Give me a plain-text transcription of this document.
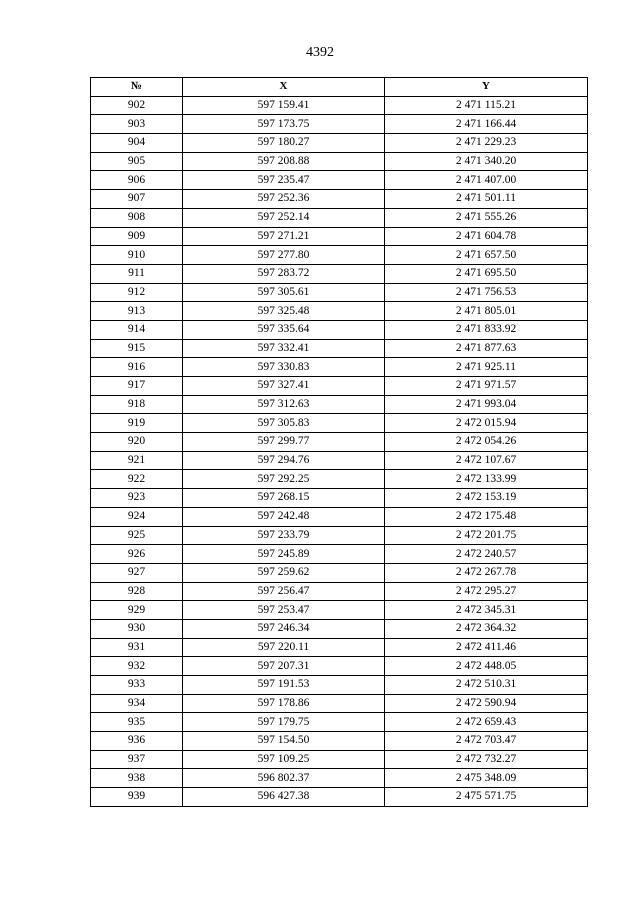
4392
№	X	Y
902	597 159.41	2 471 115.21
903	597 173.75	2 471 166.44
904	597 180.27	2 471 229.23
905	597 208.88	2 471 340.20
906	597 235.47	2 471 407.00
907	597 252.36	2 471 501.11
908	597 252.14	2 471 555.26
909	597 271.21	2 471 604.78
910	597 277.80	2 471 657.50
911	597 283.72	2 471 695.50
912	597 305.61	2 471 756.53
913	597 325.48	2 471 805.01
914	597 335.64	2 471 833.92
915	597 332.41	2 471 877.63
916	597 330.83	2 471 925.11
917	597 327.41	2 471 971.57
918	597 312.63	2 471 993.04
919	597 305.83	2 472 015.94
920	597 299.77	2 472 054.26
921	597 294.76	2 472 107.67
922	597 292.25	2 472 133.99
923	597 268.15	2 472 153.19
924	597 242.48	2 472 175.48
925	597 233.79	2 472 201.75
926	597 245.89	2 472 240.57
927	597 259.62	2 472 267.78
928	597 256.47	2 472 295.27
929	597 253.47	2 472 345.31
930	597 246.34	2 472 364.32
931	597 220.11	2 472 411.46
932	597 207.31	2 472 448.05
933	597 191.53	2 472 510.31
934	597 178.86	2 472 590.94
935	597 179.75	2 472 659.43
936	597 154.50	2 472 703.47
937	597 109.25	2 472 732.27
938	596 802.37	2 475 348.09
939	596 427.38	2 475 571.75
